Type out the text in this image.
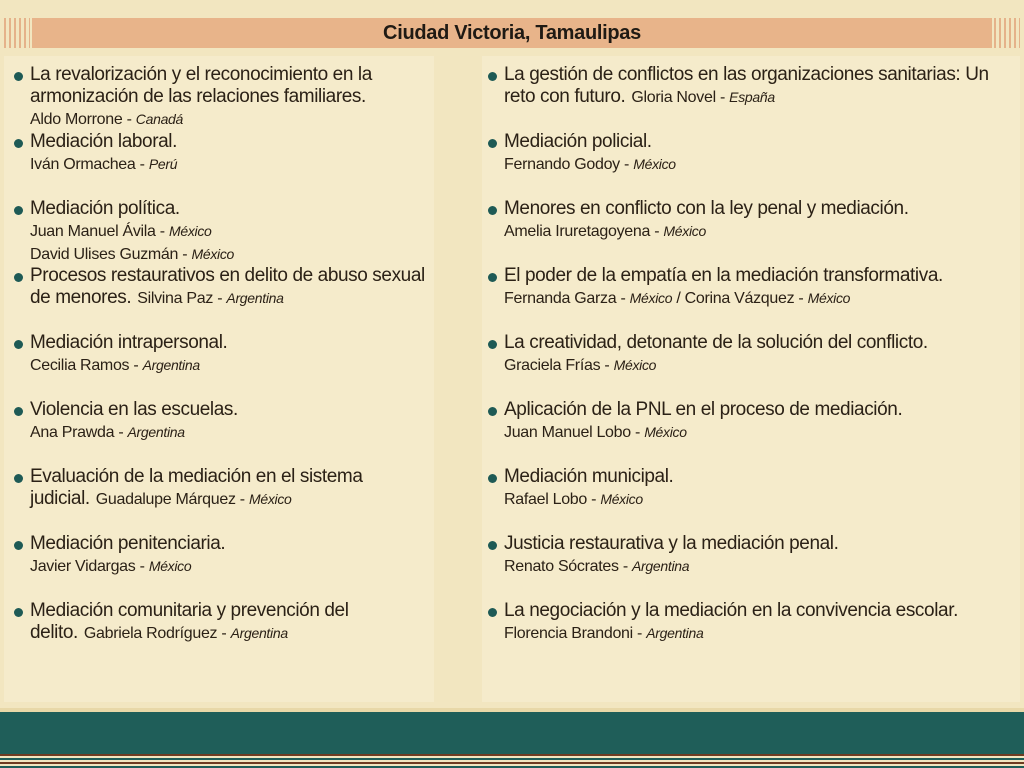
Ciudad Victoria, Tamaulipas
La revalorización y el reconocimiento en la armonización de las relaciones familiares.
Aldo Morrone - Canadá
Mediación laboral.
Iván Ormachea - Perú
Mediación política.
Juan Manuel Ávila - México
David Ulises Guzmán - México
Procesos restaurativos en delito de abuso sexual de menores. Silvina Paz - Argentina
Mediación intrapersonal.
Cecilia Ramos - Argentina
Violencia en las escuelas.
Ana Prawda - Argentina
Evaluación de la mediación en el sistema judicial. Guadalupe Márquez - México
Mediación penitenciaria.
Javier Vidargas - México
Mediación comunitaria y prevención del delito. Gabriela Rodríguez - Argentina
La gestión de conflictos en las organizaciones sanitarias: Un reto con futuro. Gloria Novel - España
Mediación policial.
Fernando Godoy - México
Menores en conflicto con la ley penal y mediación.
Amelia Iruretagoyena - México
El poder de la empatía en la mediación transformativa.
Fernanda Garza - México / Corina Vázquez - México
La creatividad, detonante de la solución del conflicto.
Graciela Frías - México
Aplicación de la PNL en el proceso de mediación.
Juan Manuel Lobo - México
Mediación municipal.
Rafael Lobo - México
Justicia restaurativa y la mediación penal.
Renato Sócrates - Argentina
La negociación y la mediación en la convivencia escolar.
Florencia Brandoni - Argentina
